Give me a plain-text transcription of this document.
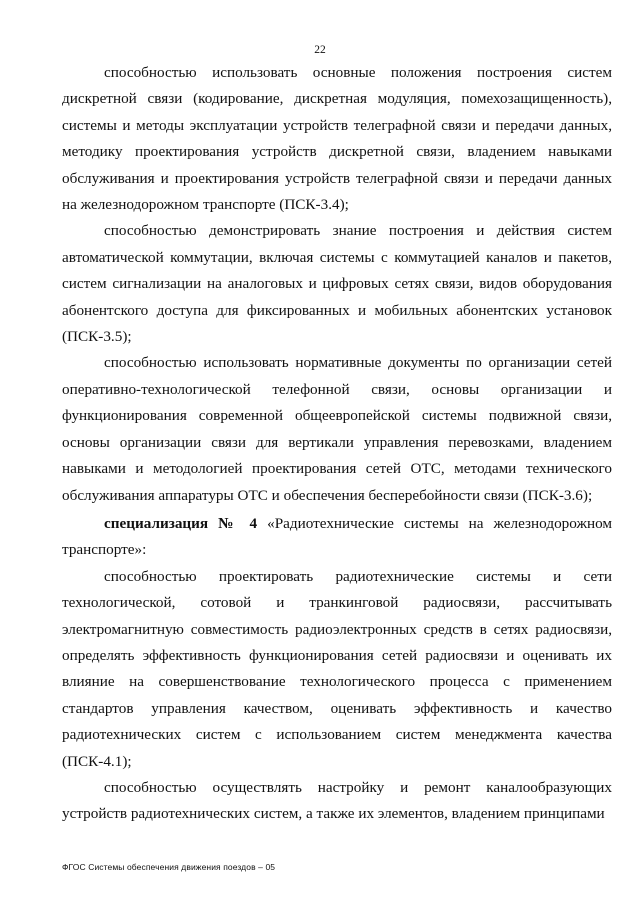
22

способностью использовать основные положения построения систем дискретной связи (кодирование, дискретная модуляция, помехозащищенность), системы и методы эксплуатации устройств телеграфной связи и передачи данных, методику проектирования устройств дискретной связи, владением навыками обслуживания и проектирования устройств телеграфной связи и передачи данных на железнодорожном транспорте (ПСК-3.4);

способностью демонстрировать знание построения и действия систем автоматической коммутации, включая системы с коммутацией каналов и пакетов, систем сигнализации на аналоговых и цифровых сетях связи, видов оборудования абонентского доступа для фиксированных и мобильных абонентских установок (ПСК-3.5);

способностью использовать нормативные документы по организации сетей оперативно-технологической телефонной связи, основы организации и функционирования современной общеевропейской системы подвижной связи, основы организации связи для вертикали управления перевозками, владением навыками и методологией проектирования сетей ОТС, методами технического обслуживания аппаратуры ОТС и обеспечения бесперебойности связи (ПСК-3.6);

специализация № 4 «Радиотехнические системы на железнодорожном транспорте»:

способностью проектировать радиотехнические системы и сети технологической, сотовой и транкинговой радиосвязи, рассчитывать электромагнитную совместимость радиоэлектронных средств в сетях радиосвязи, определять эффективность функционирования сетей радиосвязи и оценивать их влияние на совершенствование технологического процесса с применением стандартов управления качеством, оценивать эффективность и качество радиотехнических систем с использованием систем менеджмента качества (ПСК-4.1);

способностью осуществлять настройку и ремонт каналообразующих устройств радиотехнических систем, а также их элементов, владением принципами

ФГОС Системы обеспечения движения поездов – 05
